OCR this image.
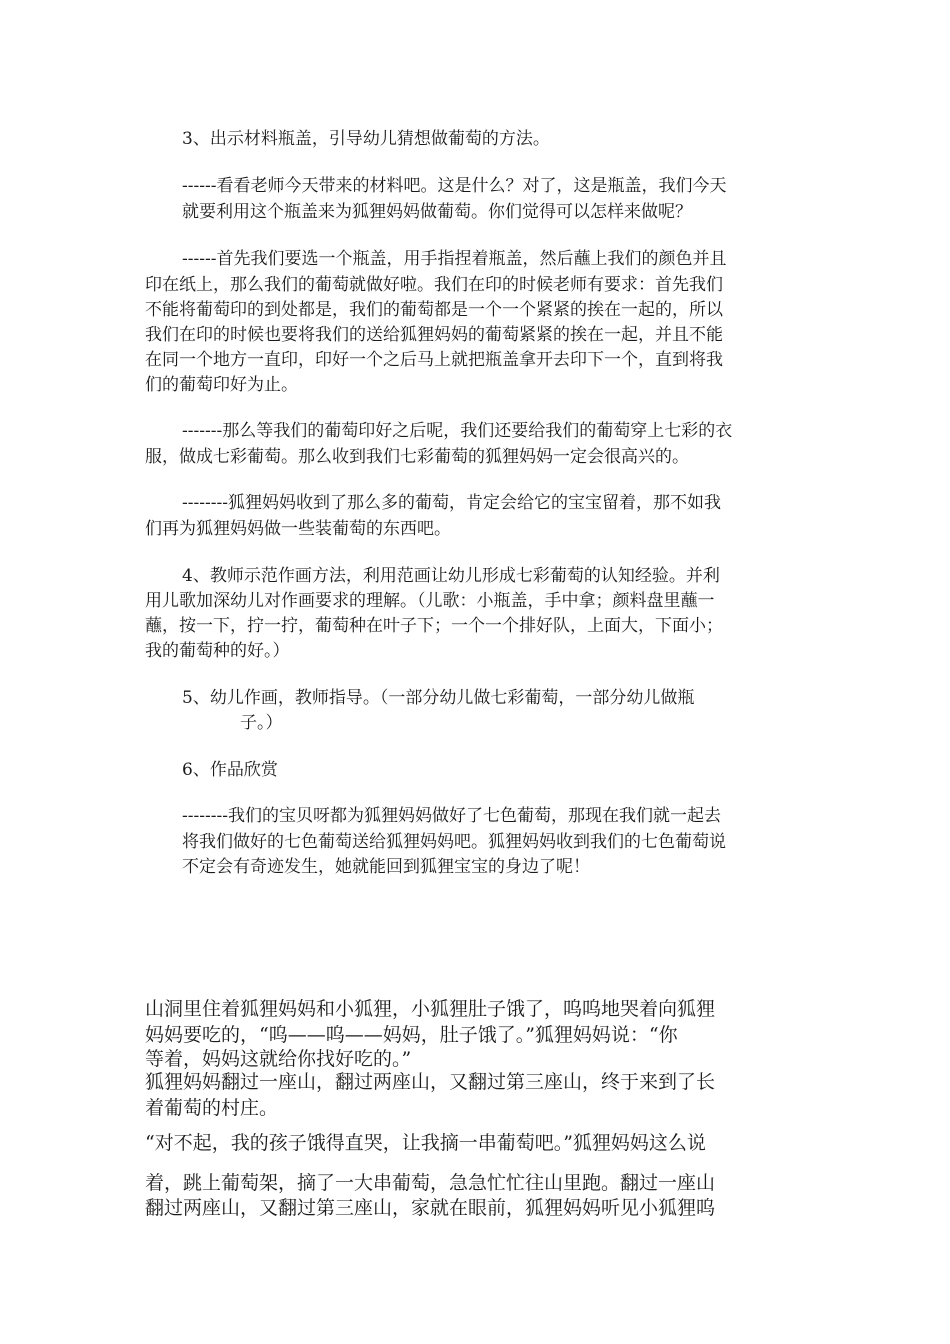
3、出示材料瓶盖，引导幼儿猜想做葡萄的方法。

------看看老师今天带来的材料吧。这是什么？对了，这是瓶盖，我们今天

就要利用这个瓶盖来为狐狸妈妈做葡萄。你们觉得可以怎样来做呢？

------首先我们要选一个瓶盖，用手指捏着瓶盖，然后蘸上我们的颜色并且

印在纸上，那么我们的葡萄就做好啦。我们在印的时候老师有要求：首先我们

不能将葡萄印的到处都是，我们的葡萄都是一个一个紧紧的挨在一起的，所以

我们在印的时候也要将我们的送给狐狸妈妈的葡萄紧紧的挨在一起，并且不能

在同一个地方一直印，印好一个之后马上就把瓶盖拿开去印下一个，直到将我

们的葡萄印好为止。

-------那么等我们的葡萄印好之后呢，我们还要给我们的葡萄穿上七彩的衣

服，做成七彩葡萄。那么收到我们七彩葡萄的狐狸妈妈一定会很高兴的。

--------狐狸妈妈收到了那么多的葡萄，肯定会给它的宝宝留着，那不如我

们再为狐狸妈妈做一些装葡萄的东西吧。

4、教师示范作画方法，利用范画让幼儿形成七彩葡萄的认知经验。并利

用儿歌加深幼儿对作画要求的理解。（儿歌：小瓶盖，手中拿；颜料盘里蘸一

蘸，按一下，拧一拧，葡萄种在叶子下；一个一个排好队，上面大，下面小；

我的葡萄种的好。）

5、幼儿作画，教师指导。（一部分幼儿做七彩葡萄，一部分幼儿做瓶

子。）

6、作品欣赏

--------我们的宝贝呀都为狐狸妈妈做好了七色葡萄，那现在我们就一起去

将我们做好的七色葡萄送给狐狸妈妈吧。狐狸妈妈收到我们的七色葡萄说

不定会有奇迹发生，她就能回到狐狸宝宝的身边了呢！

山洞里住着狐狸妈妈和小狐狸，小狐狸肚子饿了，呜呜地哭着向狐狸

妈妈要吃的，“呜——呜——妈妈，肚子饿了。”狐狸妈妈说：“你

等着，妈妈这就给你找好吃的。”

狐狸妈妈翻过一座山，翻过两座山，又翻过第三座山，终于来到了长

着葡萄的村庄。

“对不起，我的孩子饿得直哭，让我摘一串葡萄吧。”狐狸妈妈这么说

着，跳上葡萄架，摘了一大串葡萄，急急忙忙往山里跑。翻过一座山

翻过两座山，又翻过第三座山，家就在眼前，狐狸妈妈听见小狐狸呜
